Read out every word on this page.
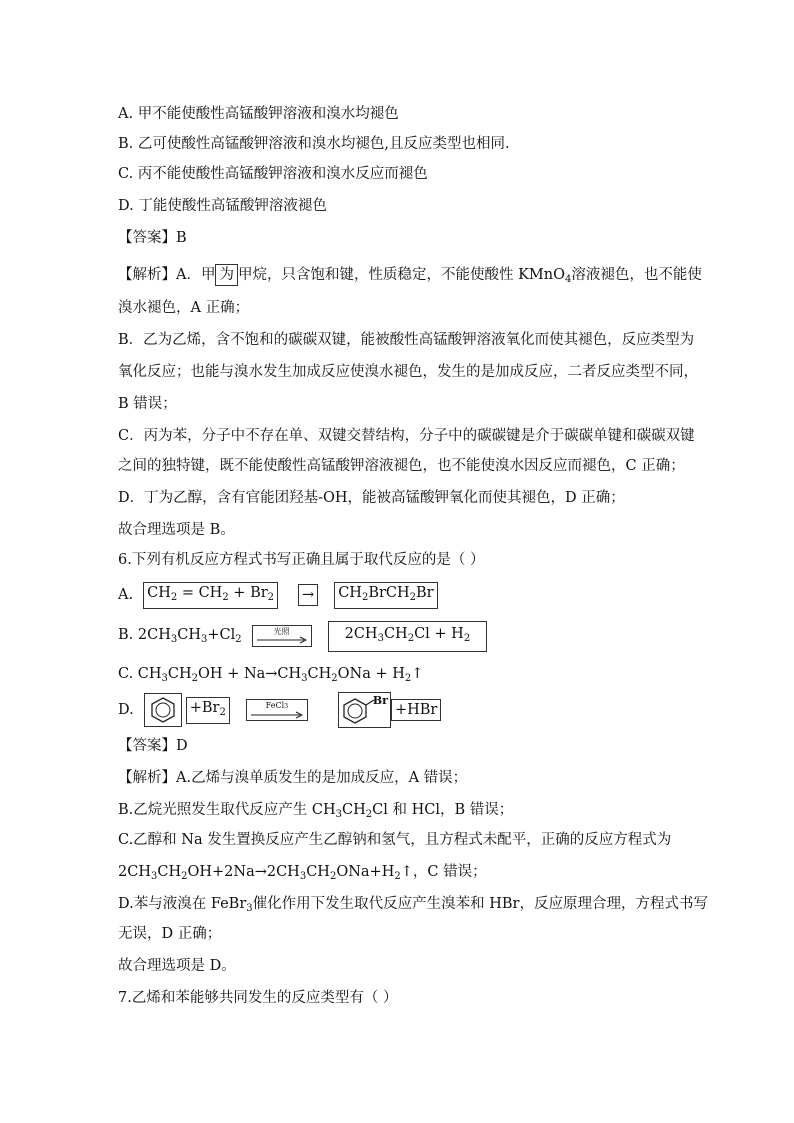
A. 甲不能使酸性高锰酸钾溶液和溴水均褪色
B. 乙可使酸性高锰酸钾溶液和溴水均褪色,且反应类型也相同.
C. 丙不能使酸性高锰酸钾溶液和溴水反应而褪色
D. 丁能使酸性高锰酸钾溶液褪色
【答案】B
【解析】A．甲 为 甲烷，只含饱和键，性质稳定，不能使酸性 KMnO$_4$溶液褪色，也不能使
溴水褪色，A 正确；
B．乙为乙烯，含不饱和的碳碳双键，能被酸性高锰酸钾溶液氧化而使其褪色，反应类型为
氧化反应；也能与溴水发生加成反应使溴水褪色，发生的是加成反应，二者反应类型不同，
B 错误；
C．丙为苯，分子中不存在单、双键交替结构，分子中的碳碳键是介于碳碳单键和碳碳双键
之间的独特键，既不能使酸性高锰酸钾溶液褪色，也不能使溴水因反应而褪色，C 正确；
D．丁为乙醇，含有官能团羟基-OH，能被高锰酸钾氧化而使其褪色，D 正确；
故合理选项是 B。
6.下列有机反应方程式书写正确且属于取代反应的是（ ）
A. $CH_2 = CH_2 + Br_2$ → $CH_2BrCH_2Br$
B. $2CH_3CH_3+Cl_2$
光照	$2CH_3CH_2Cl + H_2$
C. $CH_3CH_2OH + Na\to CH_3CH_2ONa$ + $H_2↑$
D.	$+Br_2$
FeCl3	Br
+HBr
【答案】D
【解析】A.乙烯与溴单质发生的是加成反应，A 错误；
B.乙烷光照发生取代反应产生 $CH_3CH_2Cl$ 和 HCl，B 错误；
C.乙醇和 Na 发生置换反应产生乙醇钠和氢气，且方程式未配平，正确的反应方程式为
$2CH_3CH_2OH+2Na\to 2CH_3CH_2ONa+H_2↑$，C 错误；
D.苯与液溴在 FeBr$_3$催化作用下发生取代反应产生溴苯和 HBr，反应原理合理，方程式书写
无误，D 正确；
故合理选项是 D。
7.乙烯和苯能够共同发生的反应类型有（ ）
